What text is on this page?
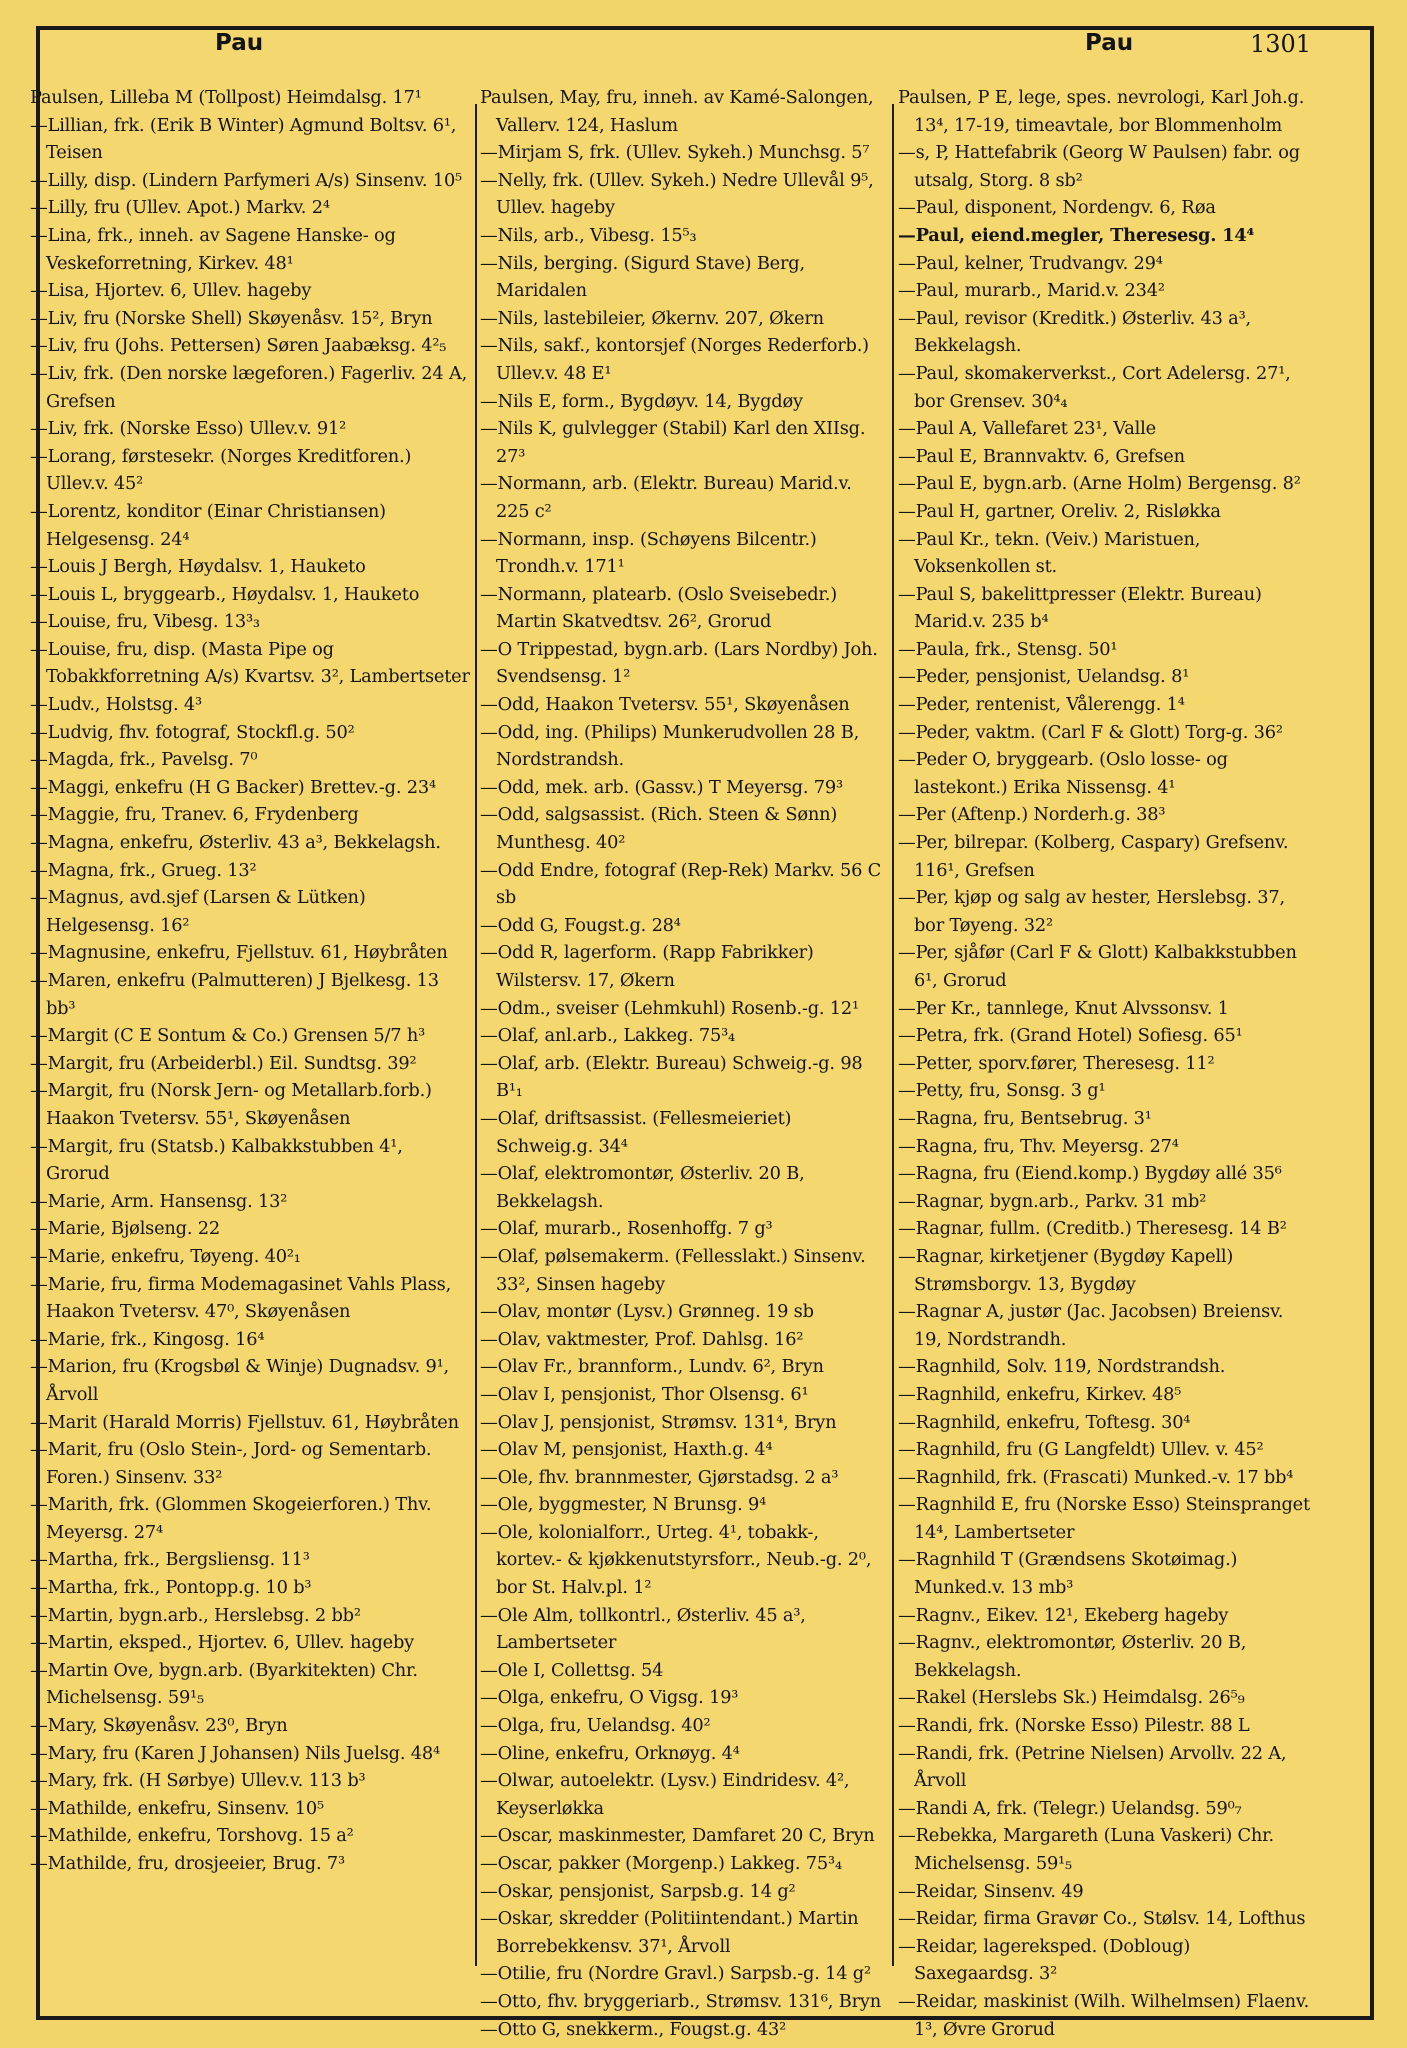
Pau	Pau	1301

Paulsen, Lilleba M (Tollpost) Heimdalsg. 17¹

—Lillian, frk. (Erik B Winter) Agmund Boltsv. 6¹, Teisen

—Lilly, disp. (Lindern Parfymeri A/s) Sinsenv. 10⁵

—Lilly, fru (Ullev. Apot.) Markv. 2⁴

—Lina, frk., inneh. av Sagene Hanske- og Veskeforretning, Kirkev. 48¹

—Lisa, Hjortev. 6, Ullev. hageby

—Liv, fru (Norske Shell) Skøyenåsv. 15², Bryn

—Liv, fru (Johs. Pettersen) Søren Jaabæksg. 4²₅

—Liv, frk. (Den norske lægeforen.) Fagerliv. 24 A, Grefsen

—Liv, frk. (Norske Esso) Ullev.v. 91²

—Lorang, førstesekr. (Norges Kreditforen.) Ullev.v. 45²

—Lorentz, konditor (Einar Christiansen) Helgesensg. 24⁴

—Louis J Bergh, Høydalsv. 1, Hauketo

—Louis L, bryggearb., Høydalsv. 1, Hauketo

—Louise, fru, Vibesg. 13³₃

—Louise, fru, disp. (Masta Pipe og Tobakkforretning A/s) Kvartsv. 3², Lambertseter

—Ludv., Holstsg. 4³

—Ludvig, fhv. fotograf, Stockfl.g. 50²

—Magda, frk., Pavelsg. 7⁰

—Maggi, enkefru (H G Backer) Brettev.-g. 23⁴

—Maggie, fru, Tranev. 6, Frydenberg

—Magna, enkefru, Østerliv. 43 a³, Bekkelagsh.

—Magna, frk., Grueg. 13²

—Magnus, avd.sjef (Larsen & Lütken) Helgesensg. 16²

—Magnusine, enkefru, Fjellstuv. 61, Høybråten

—Maren, enkefru (Palmutteren) J Bjelkesg. 13 bb³

—Margit (C E Sontum & Co.) Grensen 5/7 h³

—Margit, fru (Arbeiderbl.) Eil. Sundtsg. 39²

—Margit, fru (Norsk Jern- og Metallarb.forb.) Haakon Tvetersv. 55¹, Skøyenåsen

—Margit, fru (Statsb.) Kalbakkstubben 4¹, Grorud

—Marie, Arm. Hansensg. 13²

—Marie, Bjølseng. 22

—Marie, enkefru, Tøyeng. 40²₁

—Marie, fru, firma Modemagasinet Vahls Plass, Haakon Tvetersv. 47⁰, Skøyenåsen

—Marie, frk., Kingosg. 16⁴

—Marion, fru (Krogsbøl & Winje) Dugnadsv. 9¹, Årvoll

—Marit (Harald Morris) Fjellstuv. 61, Høybråten

—Marit, fru (Oslo Stein-, Jord- og Sementarb. Foren.) Sinsenv. 33²

—Marith, frk. (Glommen Skogeierforen.) Thv. Meyersg. 27⁴

—Martha, frk., Bergsliensg. 11³

—Martha, frk., Pontopp.g. 10 b³

—Martin, bygn.arb., Herslebsg. 2 bb²

—Martin, eksped., Hjortev. 6, Ullev. hageby

—Martin Ove, bygn.arb. (Byarkitekten) Chr. Michelsensg. 59¹₅

—Mary, Skøyenåsv. 23⁰, Bryn

—Mary, fru (Karen J Johansen) Nils Juelsg. 48⁴

—Mary, frk. (H Sørbye) Ullev.v. 113 b³

—Mathilde, enkefru, Sinsenv. 10⁵

—Mathilde, enkefru, Torshovg. 15 a²

—Mathilde, fru, drosjeeier, Brug. 7³

Paulsen, May, fru, inneh. av Kamé-Salongen, Vallerv. 124, Haslum

—Mirjam S, frk. (Ullev. Sykeh.) Munchsg. 5⁷

—Nelly, frk. (Ullev. Sykeh.) Nedre Ullevål 9⁵, Ullev. hageby

—Nils, arb., Vibesg. 15⁵₃

—Nils, berging. (Sigurd Stave) Berg, Maridalen

—Nils, lastebileier, Økernv. 207, Økern

—Nils, sakf., kontorsjef (Norges Rederforb.) Ullev.v. 48 E¹

—Nils E, form., Bygdøyv. 14, Bygdøy

—Nils K, gulvlegger (Stabil) Karl den XIIsg. 27³

—Normann, arb. (Elektr. Bureau) Marid.v. 225 c²

—Normann, insp. (Schøyens Bilcentr.) Trondh.v. 171¹

—Normann, platearb. (Oslo Sveisebedr.) Martin Skatvedtsv. 26², Grorud

—O Trippestad, bygn.arb. (Lars Nordby) Joh. Svendsensg. 1²

—Odd, Haakon Tvetersv. 55¹, Skøyenåsen

—Odd, ing. (Philips) Munkerudvollen 28 B, Nordstrandsh.

—Odd, mek. arb. (Gassv.) T Meyersg. 79³

—Odd, salgsassist. (Rich. Steen & Sønn) Munthesg. 40²

—Odd Endre, fotograf (Rep-Rek) Markv. 56 C sb

—Odd G, Fougst.g. 28⁴

—Odd R, lagerform. (Rapp Fabrikker) Wilstersv. 17, Økern

—Odm., sveiser (Lehmkuhl) Rosenb.-g. 12¹

—Olaf, anl.arb., Lakkeg. 75³₄

—Olaf, arb. (Elektr. Bureau) Schweig.-g. 98 B¹₁

—Olaf, driftsassist. (Fellesmeieriet) Schweig.g. 34⁴

—Olaf, elektromontør, Østerliv. 20 B, Bekkelagsh.

—Olaf, murarb., Rosenhoffg. 7 g³

—Olaf, pølsemakerm. (Fellesslakt.) Sinsenv. 33², Sinsen hageby

—Olav, montør (Lysv.) Grønneg. 19 sb

—Olav, vaktmester, Prof. Dahlsg. 16²

—Olav Fr., brannform., Lundv. 6², Bryn

—Olav I, pensjonist, Thor Olsensg. 6¹

—Olav J, pensjonist, Strømsv. 131⁴, Bryn

—Olav M, pensjonist, Haxth.g. 4⁴

—Ole, fhv. brannmester, Gjørstadsg. 2 a³

—Ole, byggmester, N Brunsg. 9⁴

—Ole, kolonialforr., Urteg. 4¹, tobakk-, kortev.- & kjøkkenutstyrsforr., Neub.-g. 2⁰, bor St. Halv.pl. 1²

—Ole Alm, tollkontrl., Østerliv. 45 a³, Lambertseter

—Ole I, Collettsg. 54

—Olga, enkefru, O Vigsg. 19³

—Olga, fru, Uelandsg. 40²

—Oline, enkefru, Orknøyg. 4⁴

—Olwar, autoelektr. (Lysv.) Eindridesv. 4², Keyserløkka

—Oscar, maskinmester, Damfaret 20 C, Bryn

—Oscar, pakker (Morgenp.) Lakkeg. 75³₄

—Oskar, pensjonist, Sarpsb.g. 14 g²

—Oskar, skredder (Politiintendant.) Martin Borrebekkensv. 37¹, Årvoll

—Otilie, fru (Nordre Gravl.) Sarpsb.-g. 14 g²

—Otto, fhv. bryggeriarb., Strømsv. 131⁶, Bryn

—Otto G, snekkerm., Fougst.g. 43²

Paulsen, P E, lege, spes. nevrologi, Karl Joh.g. 13⁴, 17-19, timeavtale, bor Blommenholm

—s, P, Hattefabrik (Georg W Paulsen) fabr. og utsalg, Storg. 8 sb²

—Paul, disponent, Nordengv. 6, Røa

—Paul, eiend.megler, Theresesg. 14⁴

—Paul, kelner, Trudvangv. 29⁴

—Paul, murarb., Marid.v. 234²

—Paul, revisor (Kreditk.) Østerliv. 43 a³, Bekkelagsh.

—Paul, skomakerverkst., Cort Adelersg. 27¹, bor Grensev. 30⁴₄

—Paul A, Vallefaret 23¹, Valle

—Paul E, Brannvaktv. 6, Grefsen

—Paul E, bygn.arb. (Arne Holm) Bergensg. 8²

—Paul H, gartner, Oreliv. 2, Risløkka

—Paul Kr., tekn. (Veiv.) Maristuen, Voksenkollen st.

—Paul S, bakelittpresser (Elektr. Bureau) Marid.v. 235 b⁴

—Paula, frk., Stensg. 50¹

—Peder, pensjonist, Uelandsg. 8¹

—Peder, rentenist, Vålerengg. 1⁴

—Peder, vaktm. (Carl F & Glott) Torg-g. 36²

—Peder O, bryggearb. (Oslo losse- og lastekont.) Erika Nissensg. 4¹

—Per (Aftenp.) Norderh.g. 38³

—Per, bilrepar. (Kolberg, Caspary) Grefsenv. 116¹, Grefsen

—Per, kjøp og salg av hester, Herslebsg. 37, bor Tøyeng. 32²

—Per, sjåfør (Carl F & Glott) Kalbakkstubben 6¹, Grorud

—Per Kr., tannlege, Knut Alvssonsv. 1

—Petra, frk. (Grand Hotel) Sofiesg. 65¹

—Petter, sporv.fører, Theresesg. 11²

—Petty, fru, Sonsg. 3 g¹

—Ragna, fru, Bentsebrug. 3¹

—Ragna, fru, Thv. Meyersg. 27⁴

—Ragna, fru (Eiend.komp.) Bygdøy allé 35⁶

—Ragnar, bygn.arb., Parkv. 31 mb²

—Ragnar, fullm. (Creditb.) Theresesg. 14 B²

—Ragnar, kirketjener (Bygdøy Kapell) Strømsborgv. 13, Bygdøy

—Ragnar A, justør (Jac. Jacobsen) Breiensv. 19, Nordstrandh.

—Ragnhild, Solv. 119, Nordstrandsh.

—Ragnhild, enkefru, Kirkev. 48⁵

—Ragnhild, enkefru, Toftesg. 30⁴

—Ragnhild, fru (G Langfeldt) Ullev. v. 45²

—Ragnhild, frk. (Frascati) Munked.-v. 17 bb⁴

—Ragnhild E, fru (Norske Esso) Steinspranget 14⁴, Lambertseter

—Ragnhild T (Grændsens Skotøimag.) Munked.v. 13 mb³

—Ragnv., Eikev. 12¹, Ekeberg hageby

—Ragnv., elektromontør, Østerliv. 20 B, Bekkelagsh.

—Rakel (Herslebs Sk.) Heimdalsg. 26⁵₉

—Randi, frk. (Norske Esso) Pilestr. 88 L

—Randi, frk. (Petrine Nielsen) Arvollv. 22 A, Årvoll

—Randi A, frk. (Telegr.) Uelandsg. 59⁰₇

—Rebekka, Margareth (Luna Vaskeri) Chr. Michelsensg. 59¹₅

—Reidar, Sinsenv. 49

—Reidar, firma Gravør Co., Stølsv. 14, Lofthus

—Reidar, lagereksped. (Dobloug) Saxegaardsg. 3²

—Reidar, maskinist (Wilh. Wilhelmsen) Flaenv. 1³, Øvre Grorud
